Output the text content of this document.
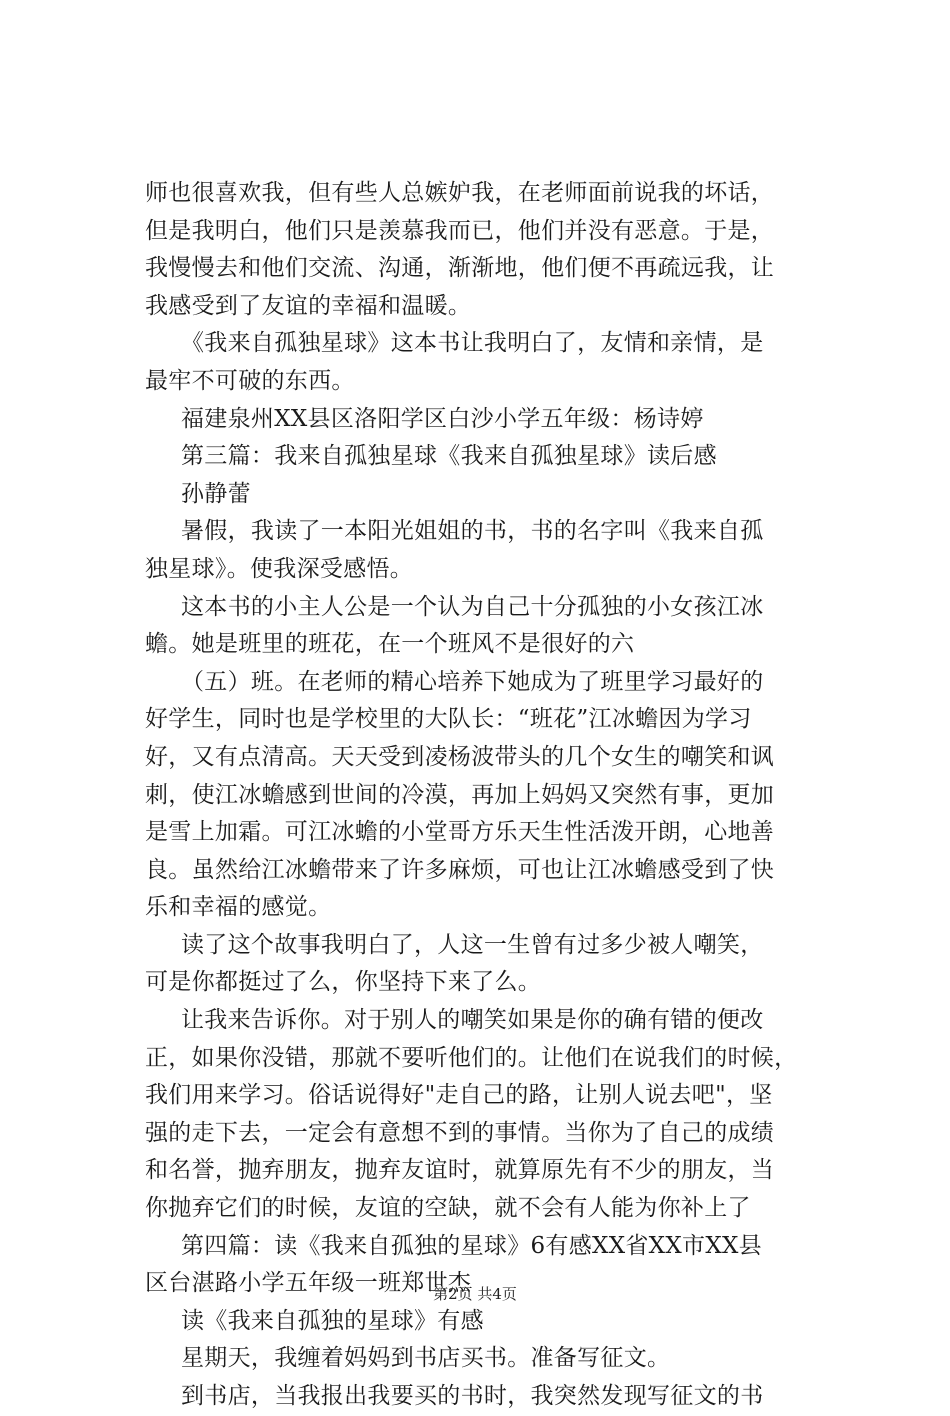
师也很喜欢我，但有些人总嫉妒我，在老师面前说我的坏话，
但是我明白，他们只是羡慕我而已，他们并没有恶意。于是，
我慢慢去和他们交流、沟通，渐渐地，他们便不再疏远我，让
我感受到了友谊的幸福和温暖。
《我来自孤独星球》这本书让我明白了，友情和亲情，是
最牢不可破的东西。
福建泉州XX县区洛阳学区白沙小学五年级：杨诗婷
第三篇：我来自孤独星球《我来自孤独星球》读后感
孙静蕾
暑假，我读了一本阳光姐姐的书，书的名字叫《我来自孤
独星球》。使我深受感悟。
这本书的小主人公是一个认为自己十分孤独的小女孩江冰
蟾。她是班里的班花，在一个班风不是很好的六
（五）班。在老师的精心培养下她成为了班里学习最好的
好学生，同时也是学校里的大队长：“班花”江冰蟾因为学习
好，又有点清高。天天受到凌杨波带头的几个女生的嘲笑和讽
刺，使江冰蟾感到世间的冷漠，再加上妈妈又突然有事，更加
是雪上加霜。可江冰蟾的小堂哥方乐天生性活泼开朗，心地善
良。虽然给江冰蟾带来了许多麻烦，可也让江冰蟾感受到了快
乐和幸福的感觉。
读了这个故事我明白了，人这一生曾有过多少被人嘲笑，
可是你都挺过了么，你坚持下来了么。
让我来告诉你。对于别人的嘲笑如果是你的确有错的便改
正，如果你没错，那就不要听他们的。让他们在说我们的时候，
我们用来学习。俗话说得好"走自己的路，让别人说去吧"，坚
强的走下去，一定会有意想不到的事情。当你为了自己的成绩
和名誉，抛弃朋友，抛弃友谊时，就算原先有不少的朋友，当
你抛弃它们的时候，友谊的空缺，就不会有人能为你补上了
第四篇：读《我来自孤独的星球》6有感XX省XX市XX县
区台湛路小学五年级一班郑世杰
读《我来自孤独的星球》有感
星期天，我缠着妈妈到书店买书。准备写征文。
到书店，当我报出我要买的书时，我突然发现写征文的书
第2页 共4页
